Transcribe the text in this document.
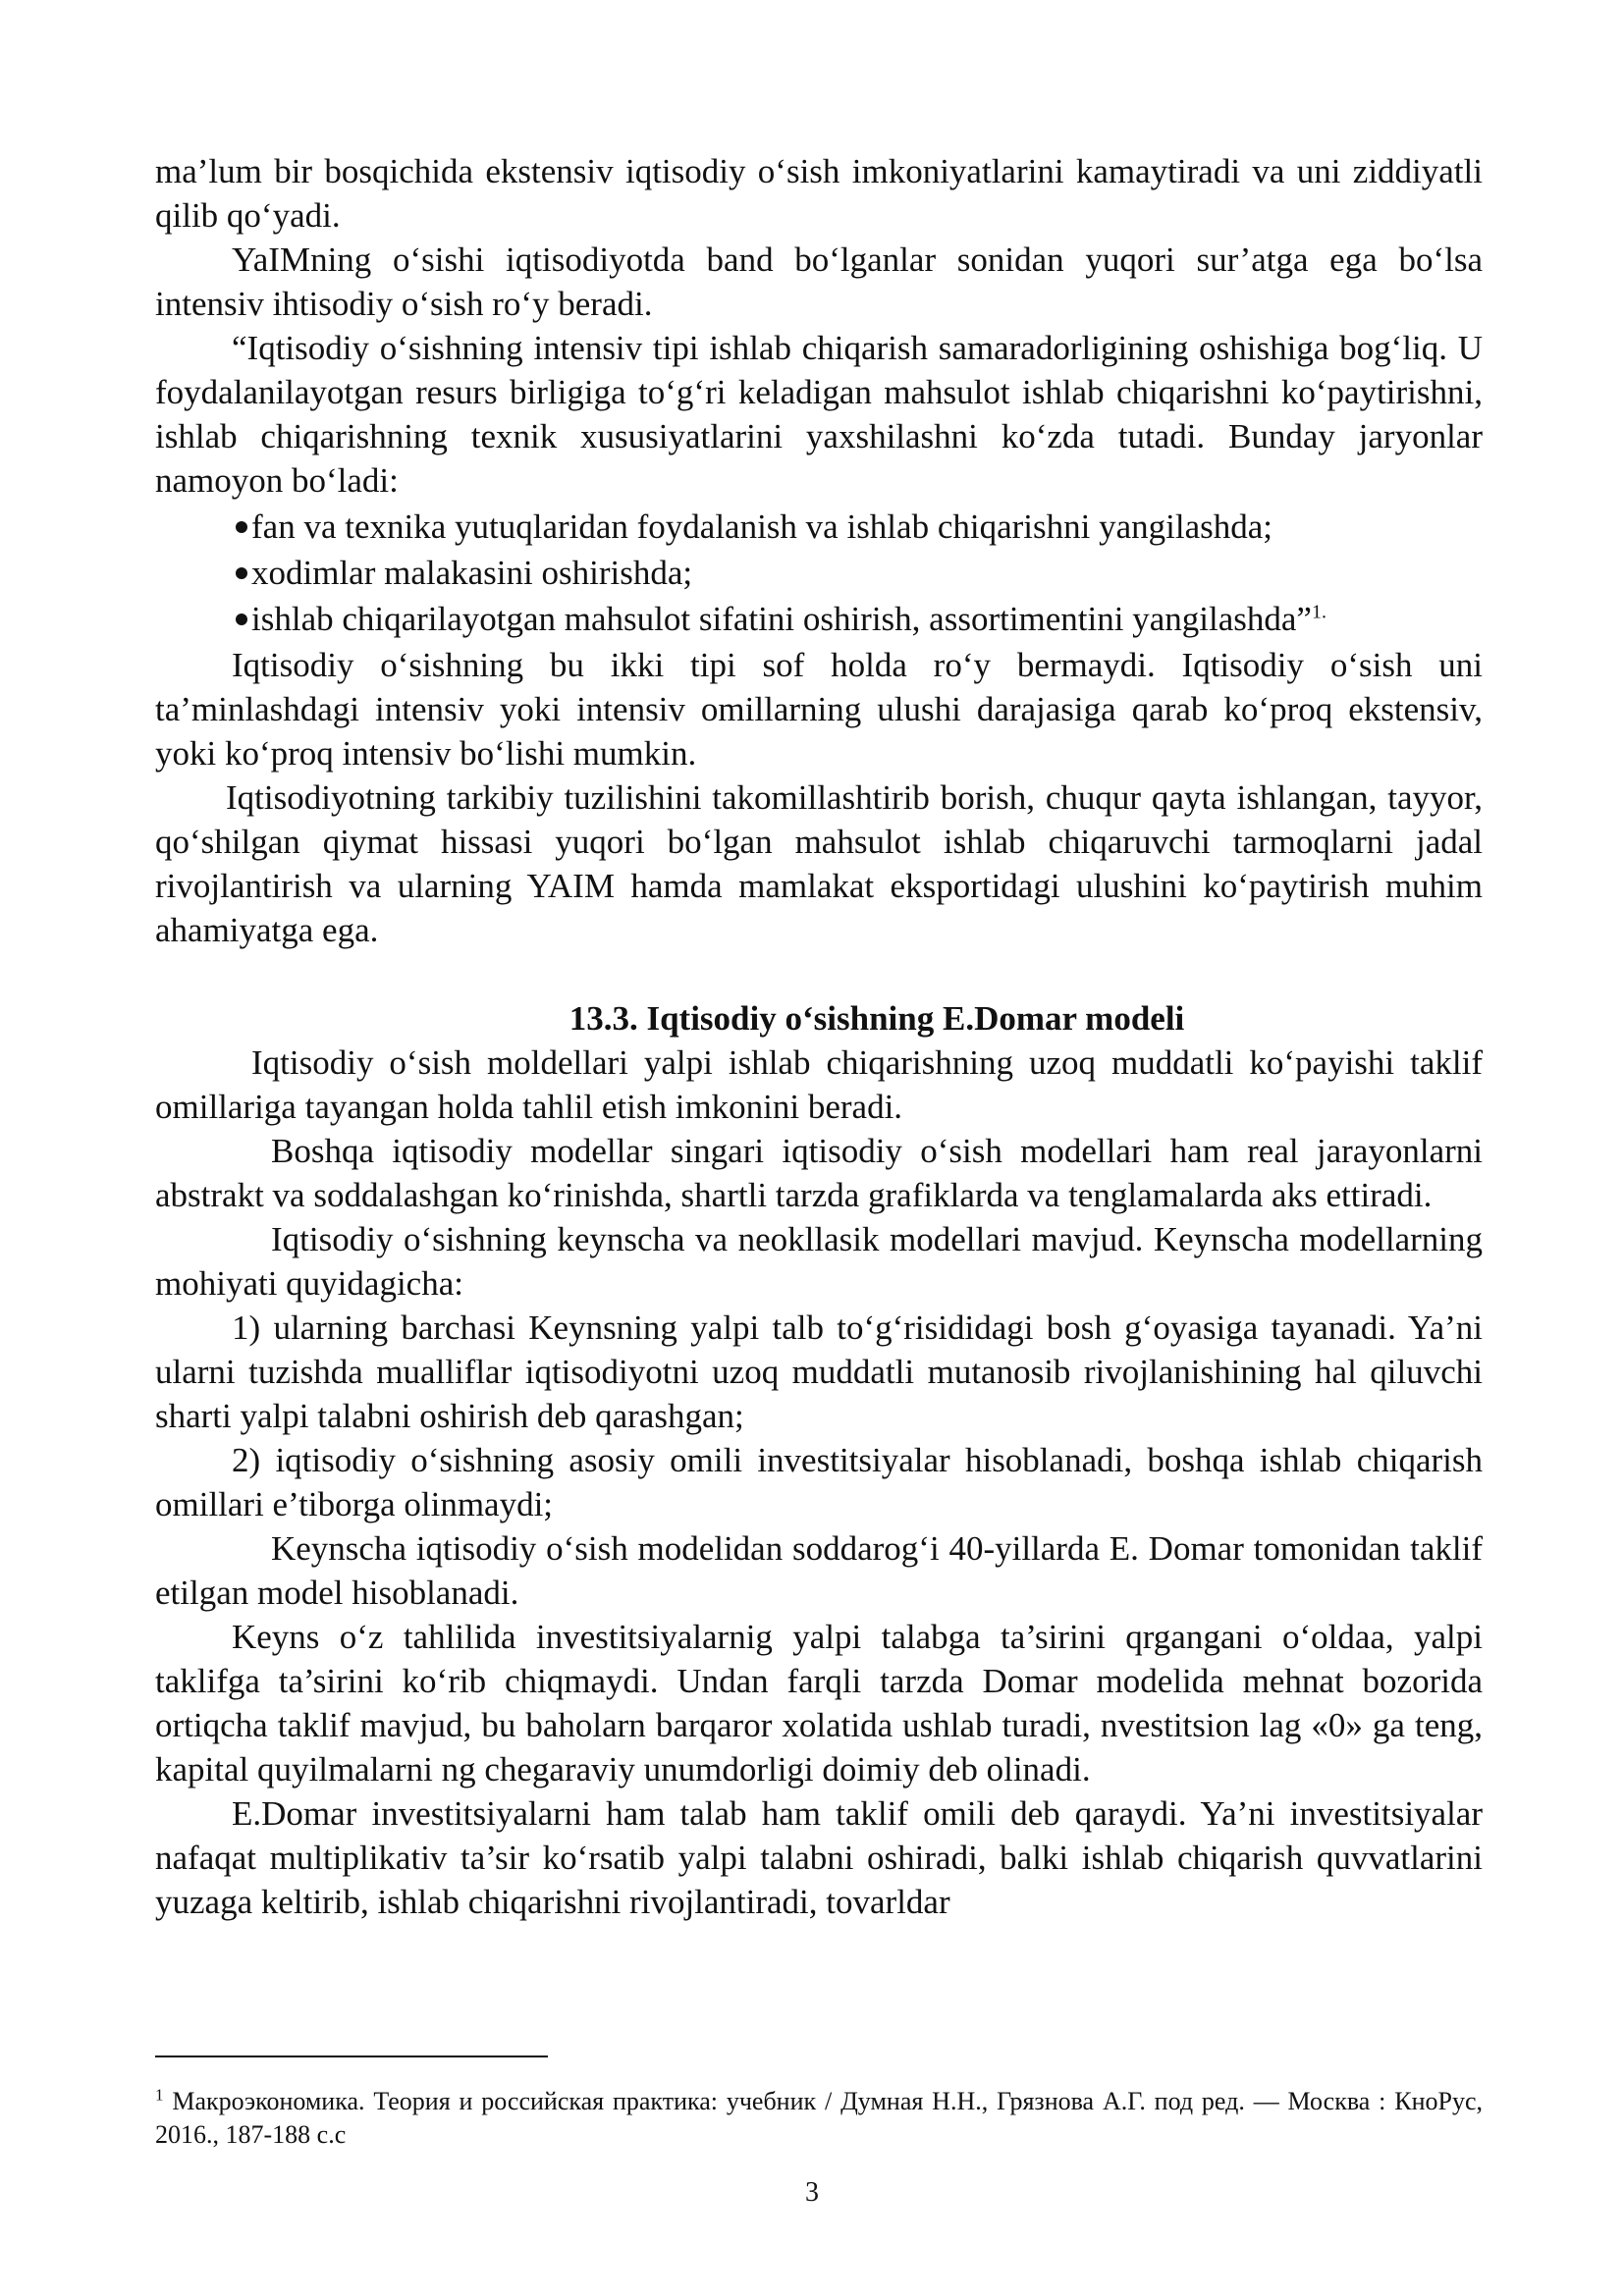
ma’lum bir bosqichida ekstensiv iqtisodiy o‘sish imkoniyatlarini kamaytiradi va uni ziddiyatli qilib qo‘yadi.

YaIMning o‘sishi iqtisodiyotda band bo‘lganlar sonidan yuqori sur’atga ega bo‘lsa intensiv ihtisodiy o‘sish ro‘y beradi.

“Iqtisodiy o‘sishning intensiv tipi ishlab chiqarish samaradorligining oshishiga bog‘liq. U foydalanilayotgan resurs birligiga to‘g‘ri keladigan mahsulot ishlab chiqarishni ko‘paytirishni, ishlab chiqarishning texnik xususiyatlarini yaxshilashni ko‘zda tutadi. Bunday jaryonlar namoyon bo‘ladi:

fan va texnika yutuqlaridan foydalanish va ishlab chiqarishni yangilashda;

xodimlar malakasini oshirishda;

ishlab chiqarilayotgan mahsulot sifatini oshirish, assortimentini yangilashda”$^{1.}$

Iqtisodiy o‘sishning bu ikki tipi sof holda ro‘y bermaydi. Iqtisodiy o‘sish uni ta’minlashdagi intensiv yoki intensiv omillarning ulushi darajasiga qarab ko‘proq ekstensiv, yoki ko‘proq intensiv bo‘lishi mumkin.

Iqtisodiyotning tarkibiy tuzilishini takomillashtirib borish, chuqur qayta ishlangan, tayyor, qo‘shilgan qiymat hissasi yuqori bo‘lgan mahsulot ishlab chiqaruvchi tarmoqlarni jadal rivojlantirish va ularning YAIM hamda mamlakat eksportidagi ulushini ko‘paytirish muhim ahamiyatga ega.

13.3. Iqtisodiy o‘sishning E.Domar modeli

Iqtisodiy o‘sish moldellari yalpi ishlab chiqarishning uzoq muddatli ko‘payishi taklif omillariga tayangan holda tahlil etish imkonini beradi.

Boshqa iqtisodiy modellar singari iqtisodiy o‘sish modellari ham real jarayonlarni abstrakt va soddalashgan ko‘rinishda, shartli tarzda grafiklarda va tenglamalarda aks ettiradi.

Iqtisodiy o‘sishning keynscha va neokllasik modellari mavjud. Keynscha modellarning mohiyati quyidagicha:

1) ularning barchasi Keynsning yalpi talb to‘g‘risididagi bosh g‘oyasiga tayanadi. Ya’ni ularni tuzishda mualliflar iqtisodiyotni uzoq muddatli mutanosib rivojlanishining hal qiluvchi sharti yalpi talabni oshirish deb qarashgan;

2) iqtisodiy o‘sishning asosiy omili investitsiyalar hisoblanadi, boshqa ishlab chiqarish omillari e’tiborga olinmaydi;

Keynscha iqtisodiy o‘sish modelidan soddarog‘i 40-yillarda E. Domar tomonidan taklif etilgan model hisoblanadi.

Keyns o‘z tahlilida investitsiyalarnig yalpi talabga ta’sirini qrgangani o‘oldaa, yalpi taklifga ta’sirini ko‘rib chiqmaydi. Undan farqli tarzda Domar modelida mehnat bozorida ortiqcha taklif mavjud, bu baholarn barqaror xolatida ushlab turadi, nvestitsion lag «0» ga teng, kapital quyilmalarni ng chegaraviy unumdorligi doimiy deb olinadi.

E.Domar investitsiyalarni ham talab ham taklif omili deb qaraydi. Ya’ni investitsiyalar nafaqat multiplikativ ta’sir ko‘rsatib yalpi talabni oshiradi, balki ishlab chiqarish quvvatlarini yuzaga keltirib, ishlab chiqarishni rivojlantiradi, tovarldar

$^1$ Макроэкономика. Теория и российская практика: учебник / Думная Н.Н., Грязнова А.Г. под ред. — Москва : КноРус, 2016., 187-188 с.с
3
